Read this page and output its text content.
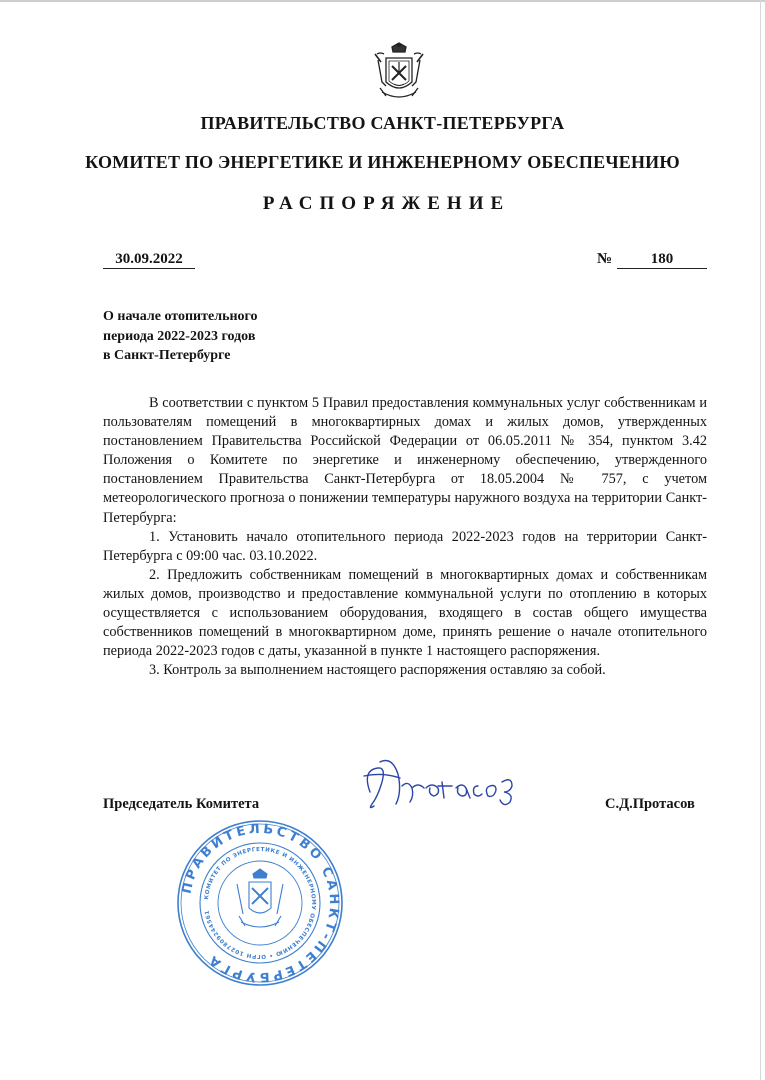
ПРАВИТЕЛЬСТВО САНКТ-ПЕТЕРБУРГА
КОМИТЕТ ПО ЭНЕРГЕТИКЕ И ИНЖЕНЕРНОМУ ОБЕСПЕЧЕНИЮ
РАСПОРЯЖЕНИЕ
30.09.2022	№	180
О начале отопительного
периода 2022-2023 годов
в Санкт-Петербурге

В соответствии с пунктом 5 Правил предоставления коммунальных услуг собственникам и пользователям помещений в многоквартирных домах и жилых домов, утвержденных постановлением Правительства Российской Федерации от 06.05.2011 № 354, пунктом 3.42 Положения о Комитете по энергетике и инженерному обеспечению, утвержденного постановлением Правительства Санкт-Петербурга от 18.05.2004 № 757, с учетом метеорологического прогноза о понижении температуры наружного воздуха на территории Санкт-Петербурга:

1. Установить начало отопительного периода 2022-2023 годов на территории Санкт-Петербурга с 09:00 час. 03.10.2022.

2. Предложить собственникам помещений в многоквартирных домах и собственникам жилых домов, производство и предоставление коммунальной услуги по отоплению в которых осуществляется с использованием оборудования, входящего в состав общего имущества собственников помещений в многоквартирном доме, принять решение о начале отопительного периода 2022-2023 годов с даты, указанной в пункте 1 настоящего распоряжения.

3. Контроль за выполнением настоящего распоряжения оставляю за собой.

Председатель Комитета	С.Д.Протасов
ПРАВИТЕЛЬСТВО САНКТ-ПЕТЕРБУРГА
КОМИТЕТ ПО ЭНЕРГЕТИКЕ И ИНЖЕНЕРНОМУ ОБЕСПЕЧЕНИЮ • ОГРН 1027809244561
